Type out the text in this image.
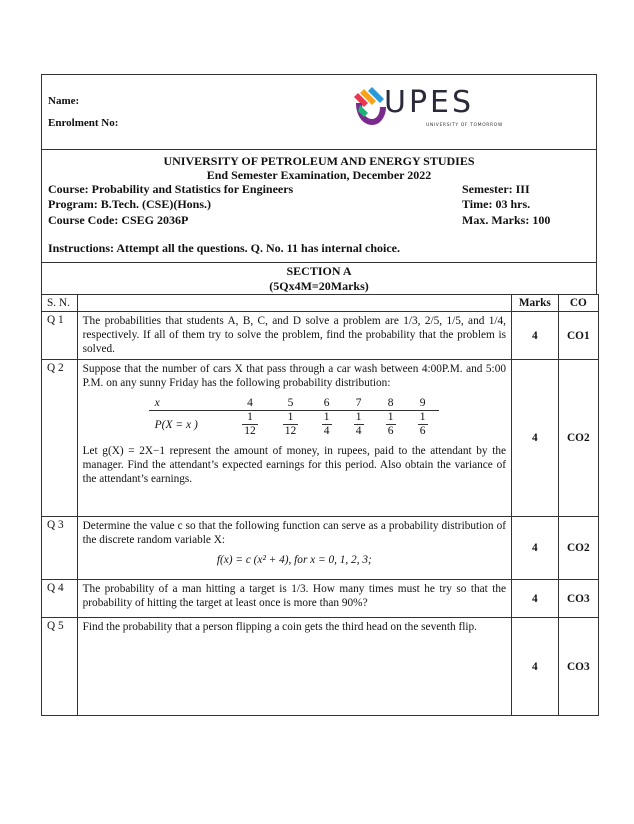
Name:
Enrolment No:
UPES
UNIVERSITY OF TOMORROW
UNIVERSITY OF PETROLEUM AND ENERGY STUDIES
End Semester Examination, December 2022
Course: Probability and Statistics for Engineers
Program: B.Tech. (CSE)(Hons.)
Course Code: CSEG 2036P
Semester: III
Time: 03 hrs.
Max. Marks: 100
Instructions: Attempt all the questions. Q. No. 11 has internal choice.
SECTION A
(5Qx4M=20Marks)
S. N.		Marks	CO
Q 1	The probabilities that students A, B, C, and D solve a problem are 1/3, 2/5, 1/5, and 1/4, respectively. If all of them try to solve the problem, find the probability that the problem is solved.	4	CO1
Q 2	Suppose that the number of cars X that pass through a car wash between 4:00P.M. and 5:00 P.M. on any sunny Friday has the following probability distribution:
x	4	5	6	7	8	9
P(X = x )	$\frac{1}{12}$	$\frac{1}{12}$	$\frac{1}{4}$	$\frac{1}{4}$	$\frac{1}{6}$	$\frac{1}{6}$
Let g(X) = 2X−1 represent the amount of money, in rupees, paid to the attendant by the manager. Find the attendant’s expected earnings for this period. Also obtain the variance of the attendant’s earnings.
	4	CO2
Q 3	Determine the value c so that the following function can serve as a probability distribution of the discrete random variable X:
f(x) = c (x² + 4), for x = 0, 1, 2, 3;
	4	CO2
Q 4	The probability of a man hitting a target is 1/3. How many times must he try so that the probability of hitting the target at least once is more than 90%?	4	CO3
Q 5	Find the probability that a person flipping a coin gets the third head on the seventh flip.	4	CO3
